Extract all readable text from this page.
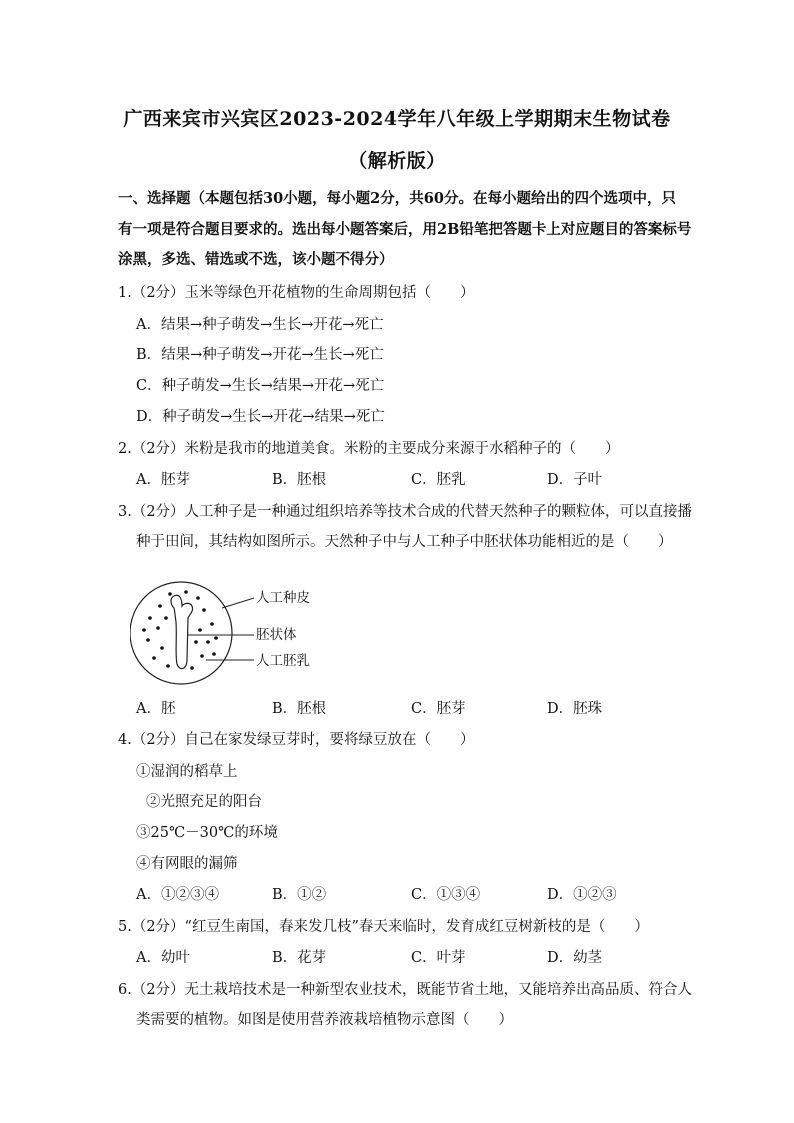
广西来宾市兴宾区2023-2024学年八年级上学期期末生物试卷
（解析版）
一、选择题（本题包括30小题，每小题2分，共60分。在每小题给出的四个选项中，只
有一项是符合题目要求的。选出每小题答案后，用2B铅笔把答题卡上对应题目的答案标号
涂黑，多选、错选或不选，该小题不得分）
1.（2分）玉米等绿色开花植物的生命周期包括（　　）
A．结果→种子萌发→生长→开花→死亡
B．结果→种子萌发→开花→生长→死亡
C．种子萌发→生长→结果→开花→死亡
D．种子萌发→生长→开花→结果→死亡
2.（2分）米粉是我市的地道美食。米粉的主要成分来源于水稻种子的（　　）
A．胚芽	B．胚根	C．胚乳	D．子叶
3.（2分）人工种子是一种通过组织培养等技术合成的代替天然种子的颗粒体，可以直接播
种于田间，其结构如图所示。天然种子中与人工种子中胚状体功能相近的是（　　）
人工种皮
胚状体
人工胚乳
A．胚	B．胚根	C．胚芽	D．胚珠
4.（2分）自己在家发绿豆芽时，要将绿豆放在（　　）
①湿润的稻草上
②光照充足的阳台
③25℃－30℃的环境
④有网眼的漏筛
A．①②③④	B．①②	C．①③④	D．①②③
5.（2分）“红豆生南国，春来发几枝”春天来临时，发育成红豆树新枝的是（　　）
A．幼叶	B．花芽	C．叶芽	D．幼茎
6.（2分）无土栽培技术是一种新型农业技术，既能节省土地，又能培养出高品质、符合人
类需要的植物。如图是使用营养液栽培植物示意图（　　）
